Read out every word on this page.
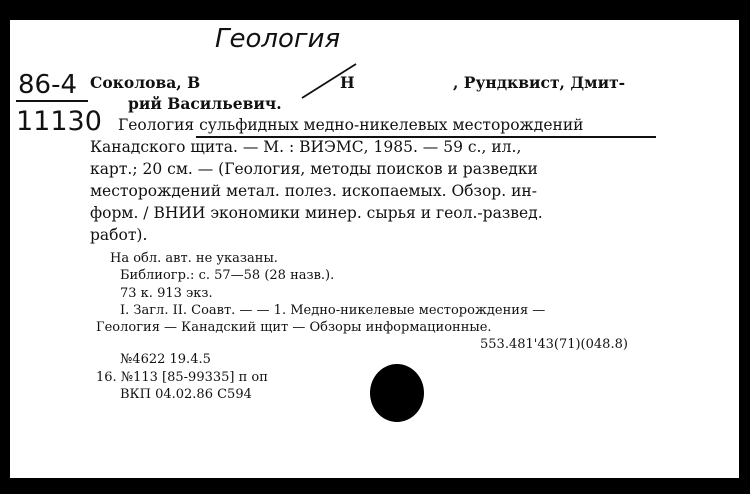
Геология
86-4
11130
Соколова, В	Н	, Рундквист, Дмит-
рий Васильевич.
Геология сульфидных медно-никелевых месторождений
Канадского щита. — М. : ВИЭМС, 1985. — 59 с., ил.,
карт.; 20 см. — (Геология, методы поисков и разведки
месторождений метал. полез. ископаемых. Обзор. ин-
форм. / ВНИИ экономики минер. сырья и геол.-развед.
работ).
На обл. авт. не указаны.
Библиогр.: с. 57—58 (28 назв.).
73 к. 913 экз.
I. Загл. II. Соавт. — — 1. Медно-никелевые месторождения —
Геология — Канадский щит — Обзоры информационные.
553.481'43(71)(048.8)
№4622 19.4.5
16. №113 [85-99335] п оп
ВКП 04.02.86 С594
